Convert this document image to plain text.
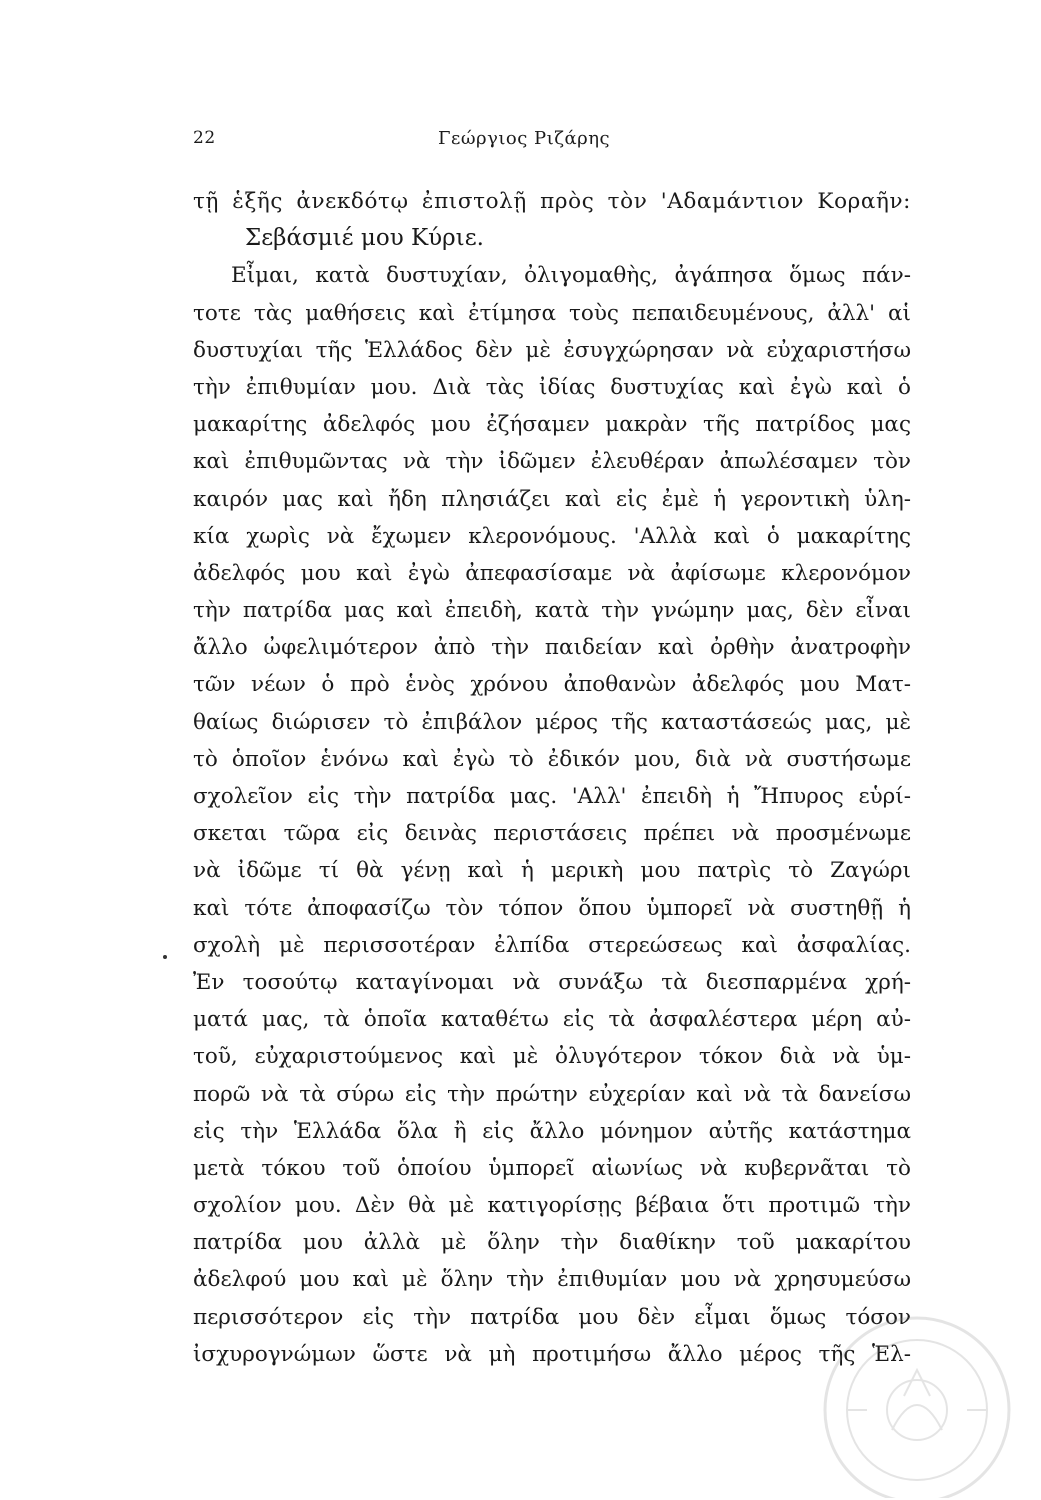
22	Γεώργιος Ριζάρης
τῇ ἑξῆς ἀνεκδότῳ ἐπιστολῇ πρὸς τὸν 'Αδαμάντιον Κοραῆν:
Σεβάσμιέ μου Κύριε.
Εἶμαι, κατὰ δυστυχίαν, ὀλιγομαθὴς, ἀγάπησα ὅμως πάν-
τοτε τὰς μαθήσεις καὶ ἐτίμησα τοὺς πεπαιδευμένους, ἀλλ' αἱ
δυστυχίαι τῆς Ἑλλάδος δὲν μὲ ἐσυγχώρησαν νὰ εὐχαριστήσω
τὴν ἐπιθυμίαν μου. Διὰ τὰς ἰδίας δυστυχίας καὶ ἐγὼ καὶ ὁ
μακαρίτης ἀδελφός μου ἐζήσαμεν μακρὰν τῆς πατρίδος μας
καὶ ἐπιθυμῶντας νὰ τὴν ἰδῶμεν ἐλευθέραν ἀπωλέσαμεν τὸν
καιρόν μας καὶ ἤδη πλησιάζει καὶ εἰς ἐμὲ ἡ γεροντικὴ ὑλη-
κία χωρὶς νὰ ἔχωμεν κλερονόμους. 'Αλλὰ καὶ ὁ μακαρίτης
ἀδελφός μου καὶ ἐγὼ ἀπεφασίσαμε νὰ ἀφίσωμε κλερονόμον
τὴν πατρίδα μας καὶ ἐπειδὴ, κατὰ τὴν γνώμην μας, δὲν εἶναι
ἄλλο ὠφελιμότερον ἀπὸ τὴν παιδείαν καὶ ὀρθὴν ἀνατροφὴν
τῶν νέων ὁ πρὸ ἑνὸς χρόνου ἀποθανὼν ἀδελφός μου Ματ-
θαίως διώρισεν τὸ ἐπιβάλον μέρος τῆς καταστάσεώς μας, μὲ
τὸ ὁποῖον ἑνόνω καὶ ἐγὼ τὸ ἐδικόν μου, διὰ νὰ συστήσωμε
σχολεῖον εἰς τὴν πατρίδα μας. 'Αλλ' ἐπειδὴ ἡ Ἤπυρος εὑρί-
σκεται τῶρα εἰς δεινὰς περιστάσεις πρέπει νὰ προσμένωμε
νὰ ἰδῶμε τί θὰ γένῃ καὶ ἡ μερικὴ μου πατρὶς τὸ Ζαγώρι
καὶ τότε ἀποφασίζω τὸν τόπον ὅπου ὑμπορεῖ νὰ συστηθῇ ἡ
σχολὴ μὲ περισσοτέραν ἐλπίδα στερεώσεως καὶ ἀσφαλίας.
Ἐν τοσούτῳ καταγίνομαι νὰ συνάξω τὰ διεσπαρμένα χρή-
ματά μας, τὰ ὁποῖα καταθέτω εἰς τὰ ἀσφαλέστερα μέρη αὐ-
τοῦ, εὐχαριστούμενος καὶ μὲ ὀλυγότερον τόκον διὰ νὰ ὑμ-
πορῶ νὰ τὰ σύρω εἰς τὴν πρώτην εὐχερίαν καὶ νὰ τὰ δανείσω
εἰς τὴν Ἑλλάδα ὅλα ἢ εἰς ἄλλο μόνημον αὐτῆς κατάστημα
μετὰ τόκου τοῦ ὁποίου ὑμπορεῖ αἰωνίως νὰ κυβερνᾶται τὸ
σχολίον μου. Δὲν θὰ μὲ κατιγορίσῃς βέβαια ὅτι προτιμῶ τὴν
πατρίδα μου ἀλλὰ μὲ ὅλην τὴν διαθίκην τοῦ μακαρίτου
ἀδελφού μου καὶ μὲ ὅλην τὴν ἐπιθυμίαν μου νὰ χρησυμεύσω
περισσότερον εἰς τὴν πατρίδα μου δὲν εἶμαι ὅμως τόσον
ἰσχυρογνώμων ὥστε νὰ μὴ προτιμήσω ἄλλο μέρος τῆς Ἑλ-
